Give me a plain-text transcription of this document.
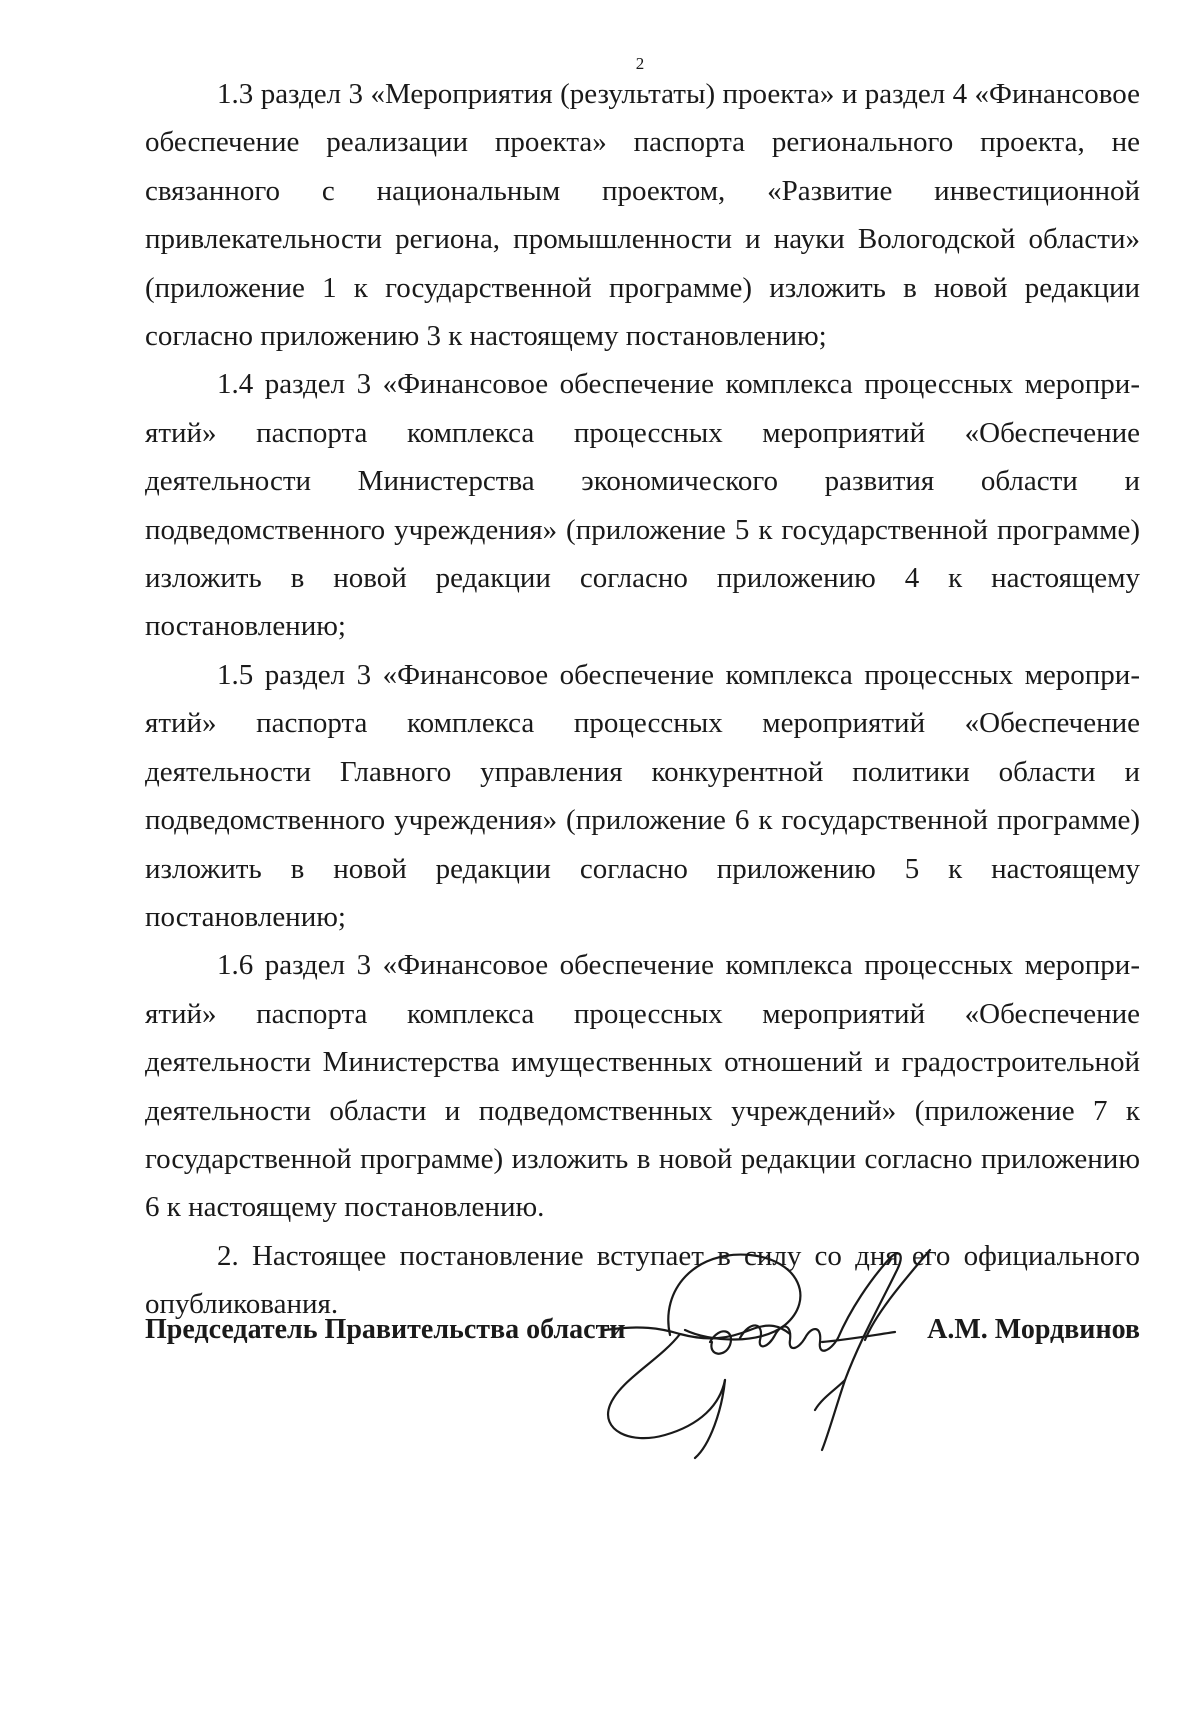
2

1.3 раздел 3 «Мероприятия (результаты) проекта» и раздел 4 «Финансовое обеспечение реализации проекта» паспорта регионального проекта, не связанного с национальным проектом, «Развитие инвестиционной привлекательности региона, промышленности и науки Вологодской области» (приложение 1 к государственной программе) изложить в новой редакции согласно приложению 3 к настоящему постановлению;

1.4 раздел 3 «Финансовое обеспечение комплекса процессных мероприятий» паспорта комплекса процессных мероприятий «Обеспечение деятельности Министерства экономического развития области и подведомственного учреждения» (приложение 5 к государственной программе) изложить в новой редакции согласно приложению 4 к настоящему постановлению;

1.5 раздел 3 «Финансовое обеспечение комплекса процессных мероприятий» паспорта комплекса процессных мероприятий «Обеспечение деятельности Главного управления конкурентной политики области и подведомственного учреждения» (приложение 6 к государственной программе) изложить в новой редакции согласно приложению 5 к настоящему постановлению;

1.6 раздел 3 «Финансовое обеспечение комплекса процессных мероприятий» паспорта комплекса процессных мероприятий «Обеспечение деятельности Министерства имущественных отношений и градостроительной деятельности области и подведомственных учреждений» (приложение 7 к государственной программе) изложить в новой редакции согласно приложению 6 к настоящему постановлению.

2. Настоящее постановление вступает в силу со дня его официального опубликования.

Председатель Правительства области	А.М. Мордвинов
